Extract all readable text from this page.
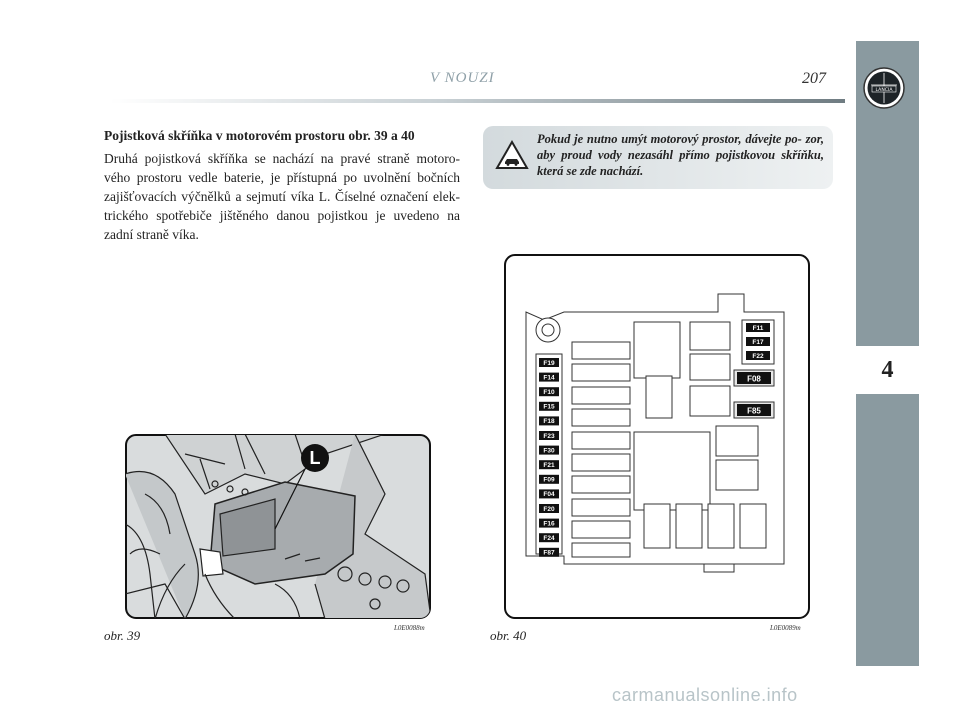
V NOUZI	207
4
LANCIA
Pojistková skříňka v motorovém prostoru obr. 39 a 40
Druhá pojistková skříňka se nachází na pravé straně motoro- vého prostoru vedle baterie, je přístupná po uvolnění bočních zajišťovacích výčnělků a sejmutí víka L. Číselné označení elek- trického spotřebiče jištěného danou pojistkou je uvedeno na zadní straně víka.
Pokud je nutno umýt motorový prostor, dávejte po- zor, aby proud vody nezasáhl přímo pojistkovou skříňku, která se zde nachází.
L
obr. 39	L0E0088m
F19
F14
F10
F15
F18
F23
F30
F21
F09
F04
F20
F16
F24
F87
F11
F17
F22
F08
F85
obr. 40	L0E0089m
carmanualsonline.info
